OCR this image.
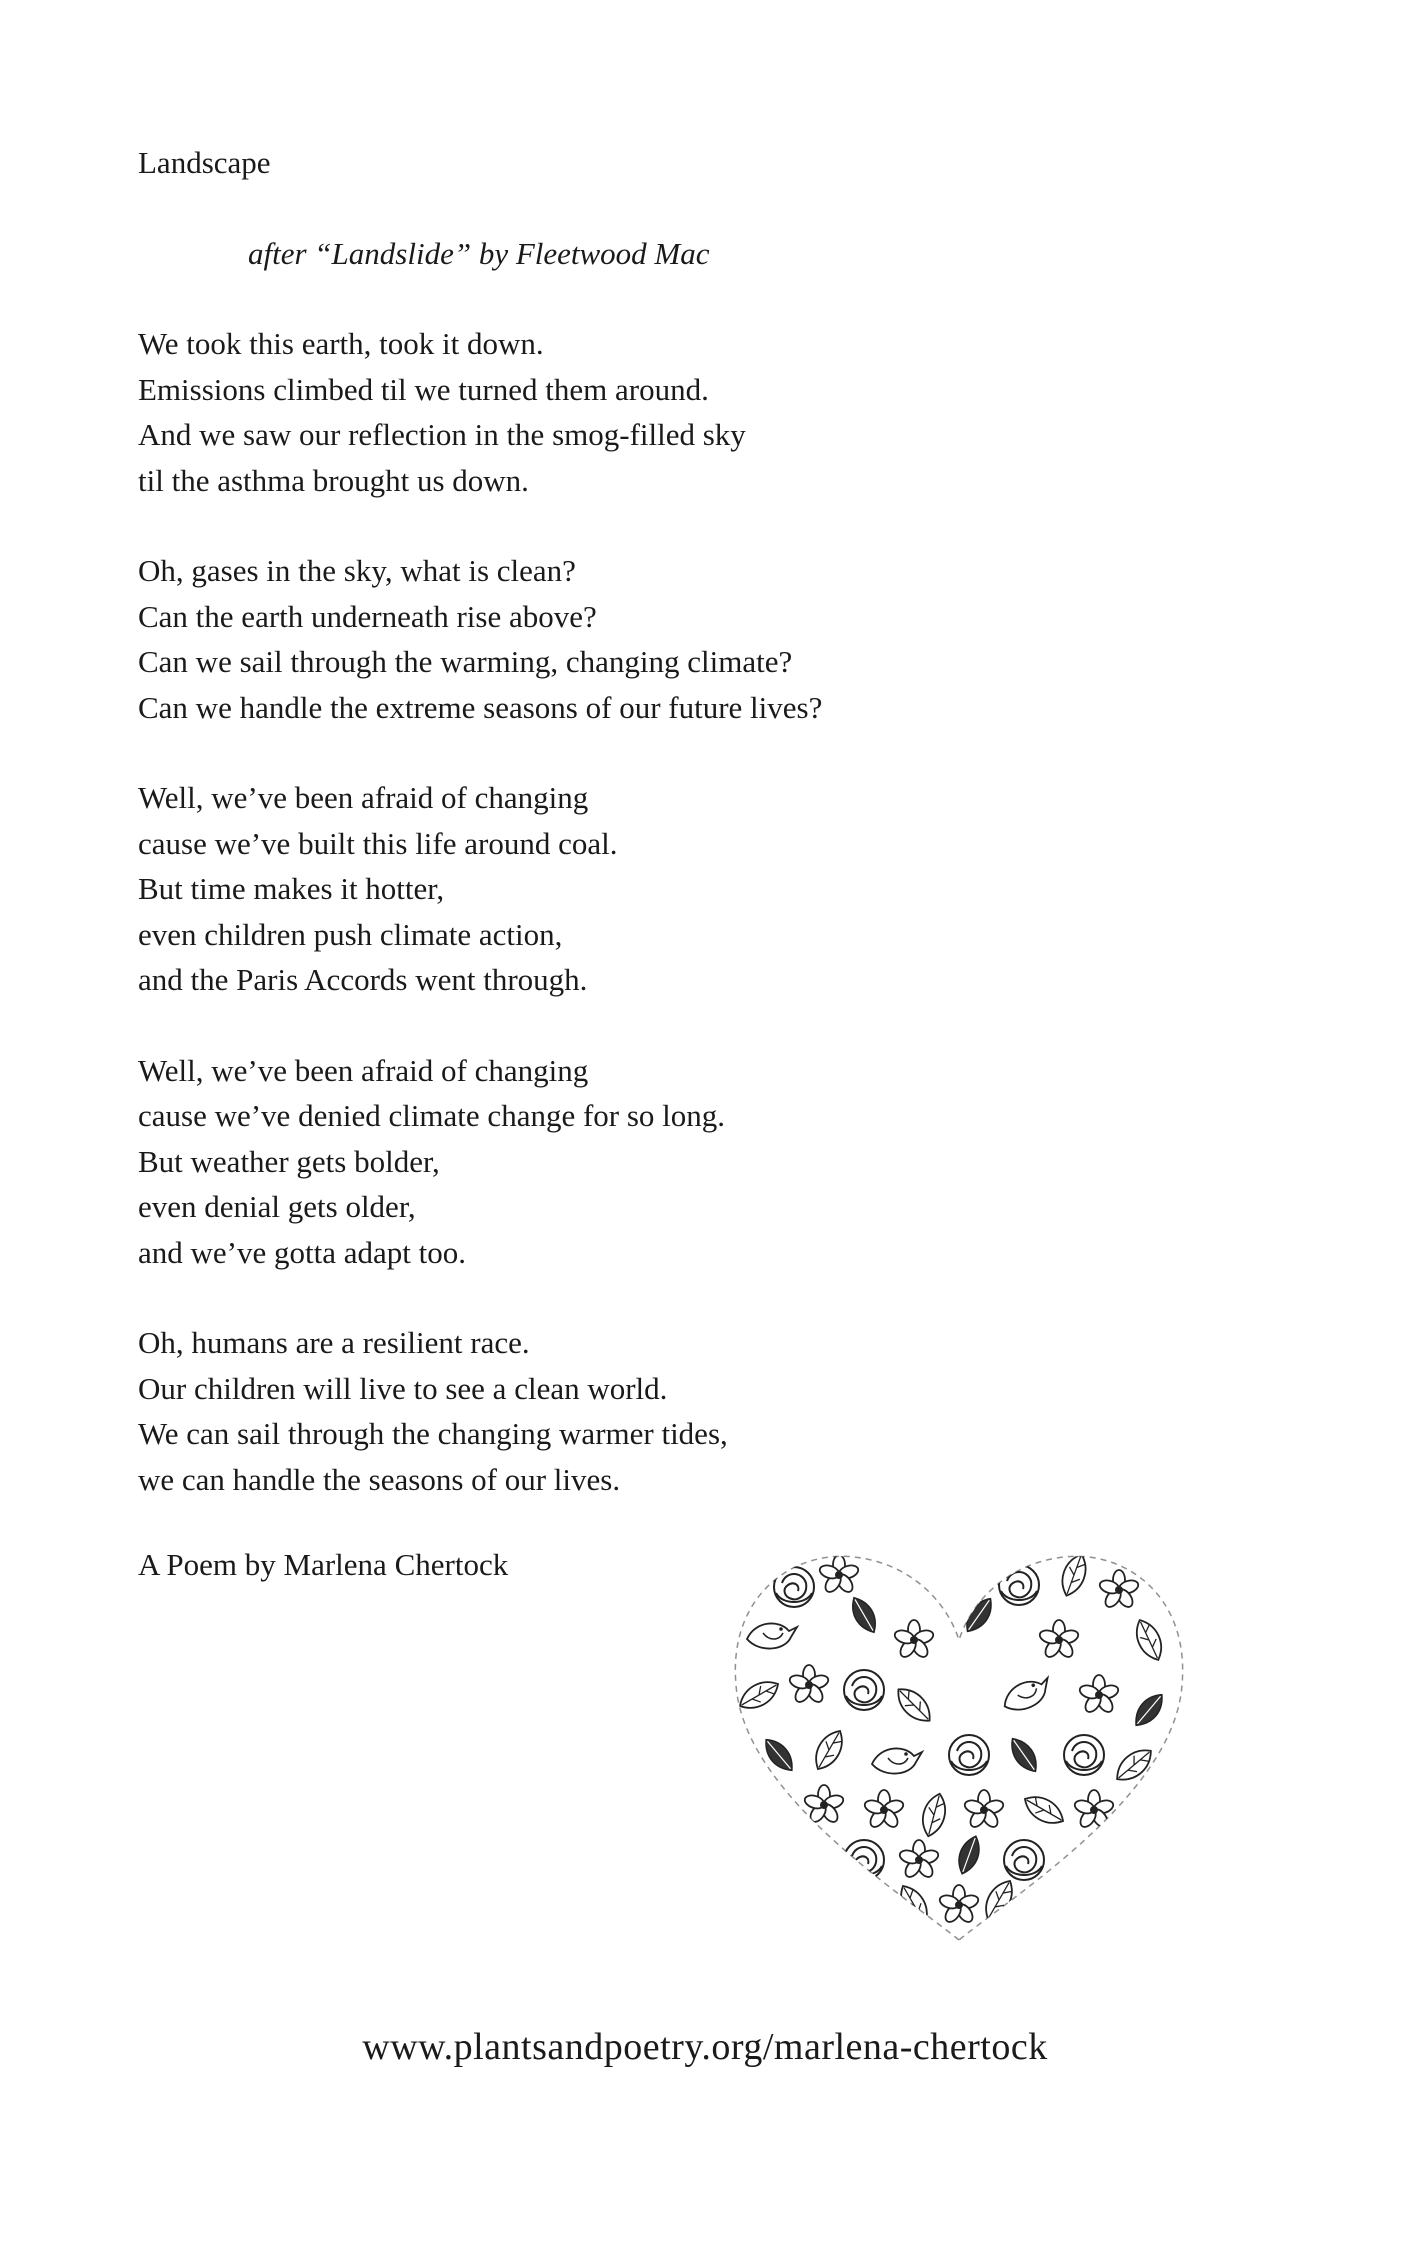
Landscape

after “Landslide” by Fleetwood Mac

We took this earth, took it down.
Emissions climbed til we turned them around.
And we saw our reflection in the smog-filled sky
til the asthma brought us down.
Oh, gases in the sky, what is clean?
Can the earth underneath rise above?
Can we sail through the warming, changing climate?
Can we handle the extreme seasons of our future lives?
Well, we’ve been afraid of changing
cause we’ve built this life around coal.
But time makes it hotter,
even children push climate action,
and the Paris Accords went through.
Well, we’ve been afraid of changing
cause we’ve denied climate change for so long.
But weather gets bolder,
even denial gets older,
and we’ve gotta adapt too.
Oh, humans are a resilient race.
Our children will live to see a clean world.
We can sail through the changing warmer tides,
we can handle the seasons of our lives.

A Poem by Marlena Chertock

www.plantsandpoetry.org/marlena-chertock
